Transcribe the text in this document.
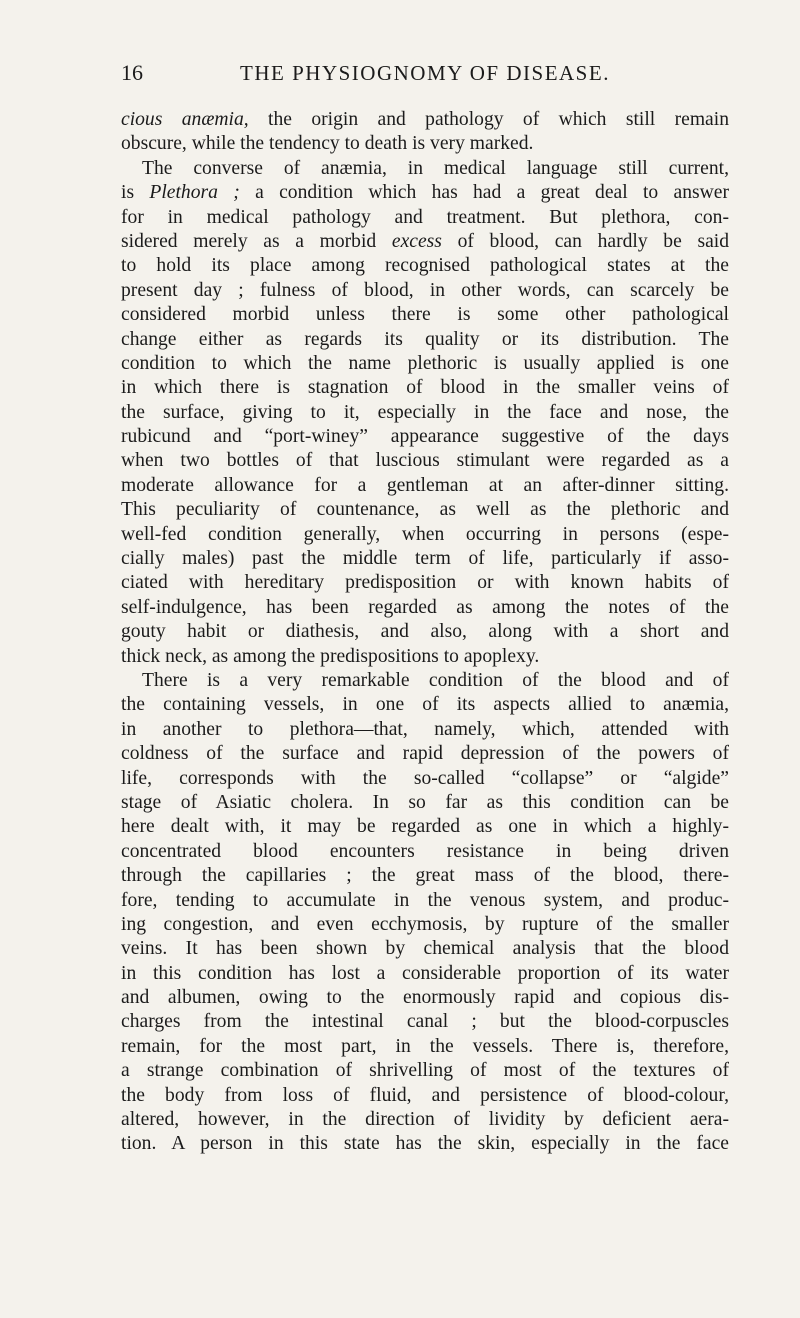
16	THE PHYSIOGNOMY OF DISEASE.
cious anæmia, the origin and pathology of which still remain
obscure, while the tendency to death is very marked.
The converse of anæmia, in medical language still current,
is Plethora ; a condition which has had a great deal to answer
for in medical pathology and treatment. But plethora, con-
sidered merely as a morbid excess of blood, can hardly be said
to hold its place among recognised pathological states at the
present day ; fulness of blood, in other words, can scarcely be
considered morbid unless there is some other pathological
change either as regards its quality or its distribution. The
condition to which the name plethoric is usually applied is one
in which there is stagnation of blood in the smaller veins of
the surface, giving to it, especially in the face and nose, the
rubicund and “port-winey” appearance suggestive of the days
when two bottles of that luscious stimulant were regarded as a
moderate allowance for a gentleman at an after-dinner sitting.
This peculiarity of countenance, as well as the plethoric and
well-fed condition generally, when occurring in persons (espe-
cially males) past the middle term of life, particularly if asso-
ciated with hereditary predisposition or with known habits of
self-indulgence, has been regarded as among the notes of the
gouty habit or diathesis, and also, along with a short and
thick neck, as among the predispositions to apoplexy.
There is a very remarkable condition of the blood and of
the containing vessels, in one of its aspects allied to anæmia,
in another to plethora—that, namely, which, attended with
coldness of the surface and rapid depression of the powers of
life, corresponds with the so-called “collapse” or “algide”
stage of Asiatic cholera. In so far as this condition can be
here dealt with, it may be regarded as one in which a highly-
concentrated blood encounters resistance in being driven
through the capillaries ; the great mass of the blood, there-
fore, tending to accumulate in the venous system, and produc-
ing congestion, and even ecchymosis, by rupture of the smaller
veins. It has been shown by chemical analysis that the blood
in this condition has lost a considerable proportion of its water
and albumen, owing to the enormously rapid and copious dis-
charges from the intestinal canal ; but the blood-corpuscles
remain, for the most part, in the vessels. There is, therefore,
a strange combination of shrivelling of most of the textures of
the body from loss of fluid, and persistence of blood-colour,
altered, however, in the direction of lividity by deficient aera-
tion. A person in this state has the skin, especially in the face
